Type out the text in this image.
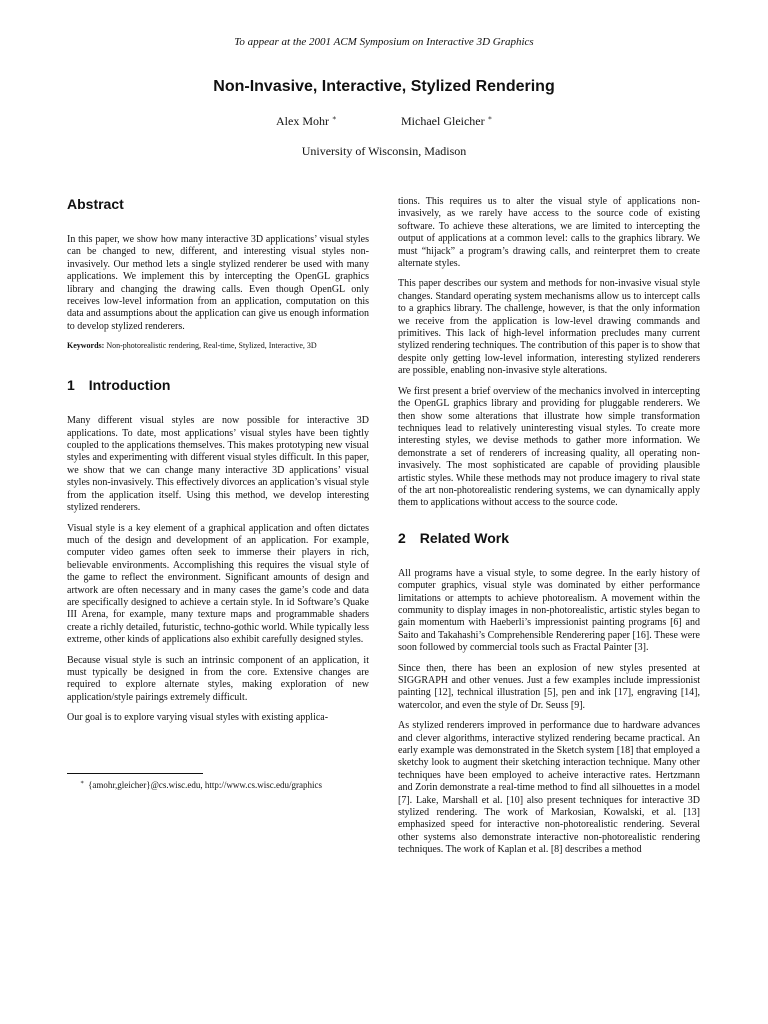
To appear at the 2001 ACM Symposium on Interactive 3D Graphics
Non-Invasive, Interactive, Stylized Rendering
Alex Mohr ∗	Michael Gleicher ∗
University of Wisconsin, Madison
Abstract

In this paper, we show how many interactive 3D applications’ visual styles can be changed to new, different, and interesting visual styles non-invasively. Our method lets a single stylized renderer be used with many applications. We implement this by intercepting the OpenGL graphics library and changing the drawing calls. Even though OpenGL only receives low-level information from an application, computation on this data and assumptions about the application can give us enough information to develop stylized renderers.

Keywords: Non-photorealistic rendering, Real-time, Stylized, Interactive, 3D
1 Introduction

Many different visual styles are now possible for interactive 3D applications. To date, most applications’ visual styles have been tightly coupled to the applications themselves. This makes prototyping new visual styles and experimenting with different visual styles difficult. In this paper, we show that we can change many interactive 3D applications’ visual styles non-invasively. This effectively divorces an application’s visual style from the application itself. Using this method, we develop interesting stylized renderers.

Visual style is a key element of a graphical application and often dictates much of the design and development of an application. For example, computer video games often seek to immerse their players in rich, believable environments. Accomplishing this requires the visual style of the game to reflect the environment. Significant amounts of design and artwork are often necessary and in many cases the game’s code and data are specifically designed to achieve a certain style. In id Software’s Quake III Arena, for example, many texture maps and programmable shaders create a richly detailed, futuristic, techno-gothic world. While typically less extreme, other kinds of applications also exhibit carefully designed styles.

Because visual style is such an intrinsic component of an application, it must typically be designed in from the core. Extensive changes are required to explore alternate styles, making exploration of new application/style pairings extremely difficult.

Our goal is to explore varying visual styles with existing applica-

∗ {amohr,gleicher}@cs.wisc.edu, http://www.cs.wisc.edu/graphics

tions. This requires us to alter the visual style of applications non-invasively, as we rarely have access to the source code of existing software. To achieve these alterations, we are limited to intercepting the output of applications at a common level: calls to the graphics library. We must “hijack” a program’s drawing calls, and reinterpret them to create alternate styles.

This paper describes our system and methods for non-invasive visual style changes. Standard operating system mechanisms allow us to intercept calls to a graphics library. The challenge, however, is that the only information we receive from the application is low-level drawing commands and primitives. This lack of high-level information precludes many current stylized rendering techniques. The contribution of this paper is to show that despite only getting low-level information, interesting stylized renderers are possible, enabling non-invasive style alterations.

We first present a brief overview of the mechanics involved in intercepting the OpenGL graphics library and providing for pluggable renderers. We then show some alterations that illustrate how simple transformation techniques lead to relatively uninteresting visual styles. To create more interesting styles, we devise methods to gather more information. We demonstrate a set of renderers of increasing quality, all operating non-invasively. The most sophisticated are capable of providing plausible artistic styles. While these methods may not produce imagery to rival state of the art non-photorealistic rendering systems, we can dynamically apply them to applications without access to the source code.

2 Related Work

All programs have a visual style, to some degree. In the early history of computer graphics, visual style was dominated by either performance limitations or attempts to achieve photorealism. A movement within the community to display images in non-photorealistic, artistic styles began to gain momentum with Haeberli’s impressionist painting programs [6] and Saito and Takahashi’s Comprehensible Renderering paper [16]. These were soon followed by commercial tools such as Fractal Painter [3].

Since then, there has been an explosion of new styles presented at SIGGRAPH and other venues. Just a few examples include impressionist painting [12], technical illustration [5], pen and ink [17], engraving [14], watercolor, and even the style of Dr. Seuss [9].

As stylized renderers improved in performance due to hardware advances and clever algorithms, interactive stylized rendering became practical. An early example was demonstrated in the Sketch system [18] that employed a sketchy look to augment their sketching interaction technique. Many other techniques have been employed to acheive interactive rates. Hertzmann and Zorin demonstrate a real-time method to find all silhouettes in a model [7]. Lake, Marshall et al. [10] also present techniques for interactive 3D stylized rendering. The work of Markosian, Kowalski, et al. [13] emphasized speed for interactive non-photorealistic rendering. Several other systems also demonstrate interactive non-photorealistic rendering techniques. The work of Kaplan et al. [8] describes a method
